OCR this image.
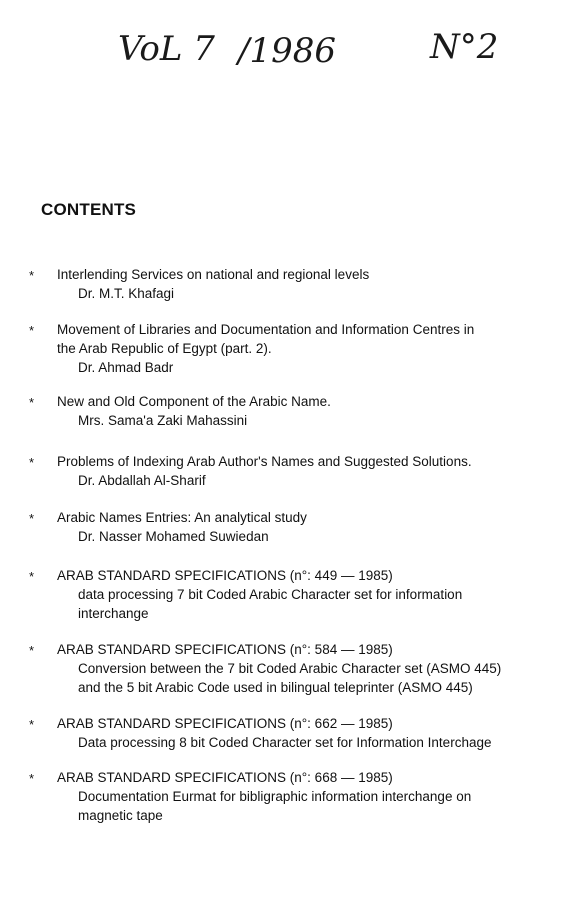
VoL 7 /1986	N°2
CONTENTS
* Interlending Services on national and regional levels
Dr. M.T. Khafagi
* Movement of Libraries and Documentation and Information Centres in
the Arab Republic of Egypt (part. 2).
Dr. Ahmad Badr
* New and Old Component of the Arabic Name.
Mrs. Sama'a Zaki Mahassini
* Problems of Indexing Arab Author's Names and Suggested Solutions.
Dr. Abdallah Al-Sharif
* Arabic Names Entries: An analytical study
Dr. Nasser Mohamed Suwiedan
* ARAB STANDARD SPECIFICATIONS (n°: 449 — 1985)
data processing 7 bit Coded Arabic Character set for information
interchange
* ARAB STANDARD SPECIFICATIONS (n°: 584 — 1985)
Conversion between the 7 bit Coded Arabic Character set (ASMO 445)
and the 5 bit Arabic Code used in bilingual teleprinter (ASMO 445)
* ARAB STANDARD SPECIFICATIONS (n°: 662 — 1985)
Data processing 8 bit Coded Character set for Information Interchage
* ARAB STANDARD SPECIFICATIONS (n°: 668 — 1985)
Documentation Eurmat for bibligraphic information interchange on
magnetic tape
